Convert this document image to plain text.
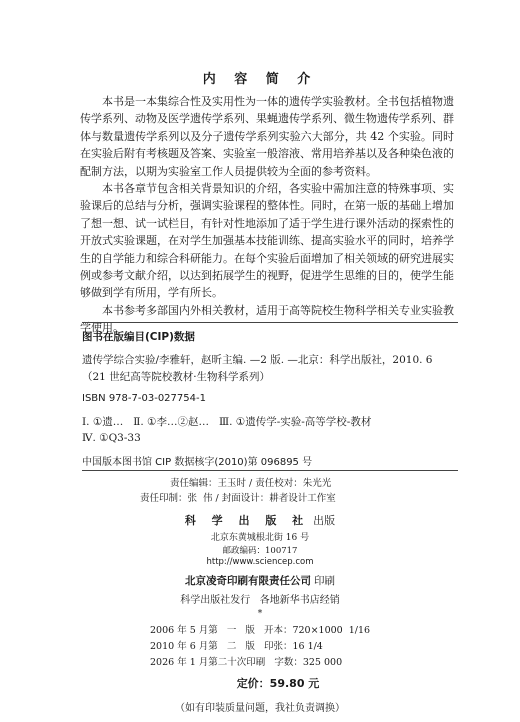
内 容 简 介

本书是一本集综合性及实用性为一体的遗传学实验教材。全书包括植物遗传学系列、动物及医学遗传学系列、果蝇遗传学系列、微生物遗传学系列、群体与数量遗传学系列以及分子遗传学系列实验六大部分，共 42 个实验。同时在实验后附有考核题及答案、实验室一般溶液、常用培养基以及各种染色液的配制方法，以期为实验室工作人员提供较为全面的参考资料。

本书各章节包含相关背景知识的介绍，各实验中需加注意的特殊事项、实验课后的总结与分析，强调实验课程的整体性。同时，在第一版的基础上增加了想一想、试一试栏目，有针对性地添加了适于学生进行课外活动的探索性的开放式实验课题，在对学生加强基本技能训练、提高实验水平的同时，培养学生的自学能力和综合科研能力。在每个实验后面增加了相关领域的研究进展实例或参考文献介绍，以达到拓展学生的视野，促进学生思维的目的，使学生能够做到学有所用，学有所长。

本书参考多部国内外相关教材，适用于高等院校生物科学相关专业实验教学使用。

图书在版编目(CIP)数据

遗传学综合实验/李雅轩，赵昕主编. —2 版. —北京：科学出版社，2010. 6

（21 世纪高等院校教材·生物科学系列）

ISBN 978-7-03-027754-1

Ⅰ. ①遗…   Ⅱ. ①李…②赵…   Ⅲ. ①遗传学-实验-高等学校-教材

Ⅳ. ①Q3-33

中国版本图书馆 CIP 数据核字(2010)第 096895 号

责任编辑：王玉时 / 责任校对：朱光光
责任印制：张  伟 / 封面设计：耕者设计工作室
科 学 出 版 社 出版
北京东黄城根北街 16 号
邮政编码：100717
http://www.sciencep.com
北京凌奇印刷有限责任公司 印刷
科学出版社发行   各地新华书店经销
*
2006 年 5 月第   一   版   开本：720×1000  1/16
2010 年 6 月第   二   版   印张：16 1/4
2026 年 1 月第二十次印刷   字数：325 000
定价：59.80 元
（如有印装质量问题，我社负责调换）
